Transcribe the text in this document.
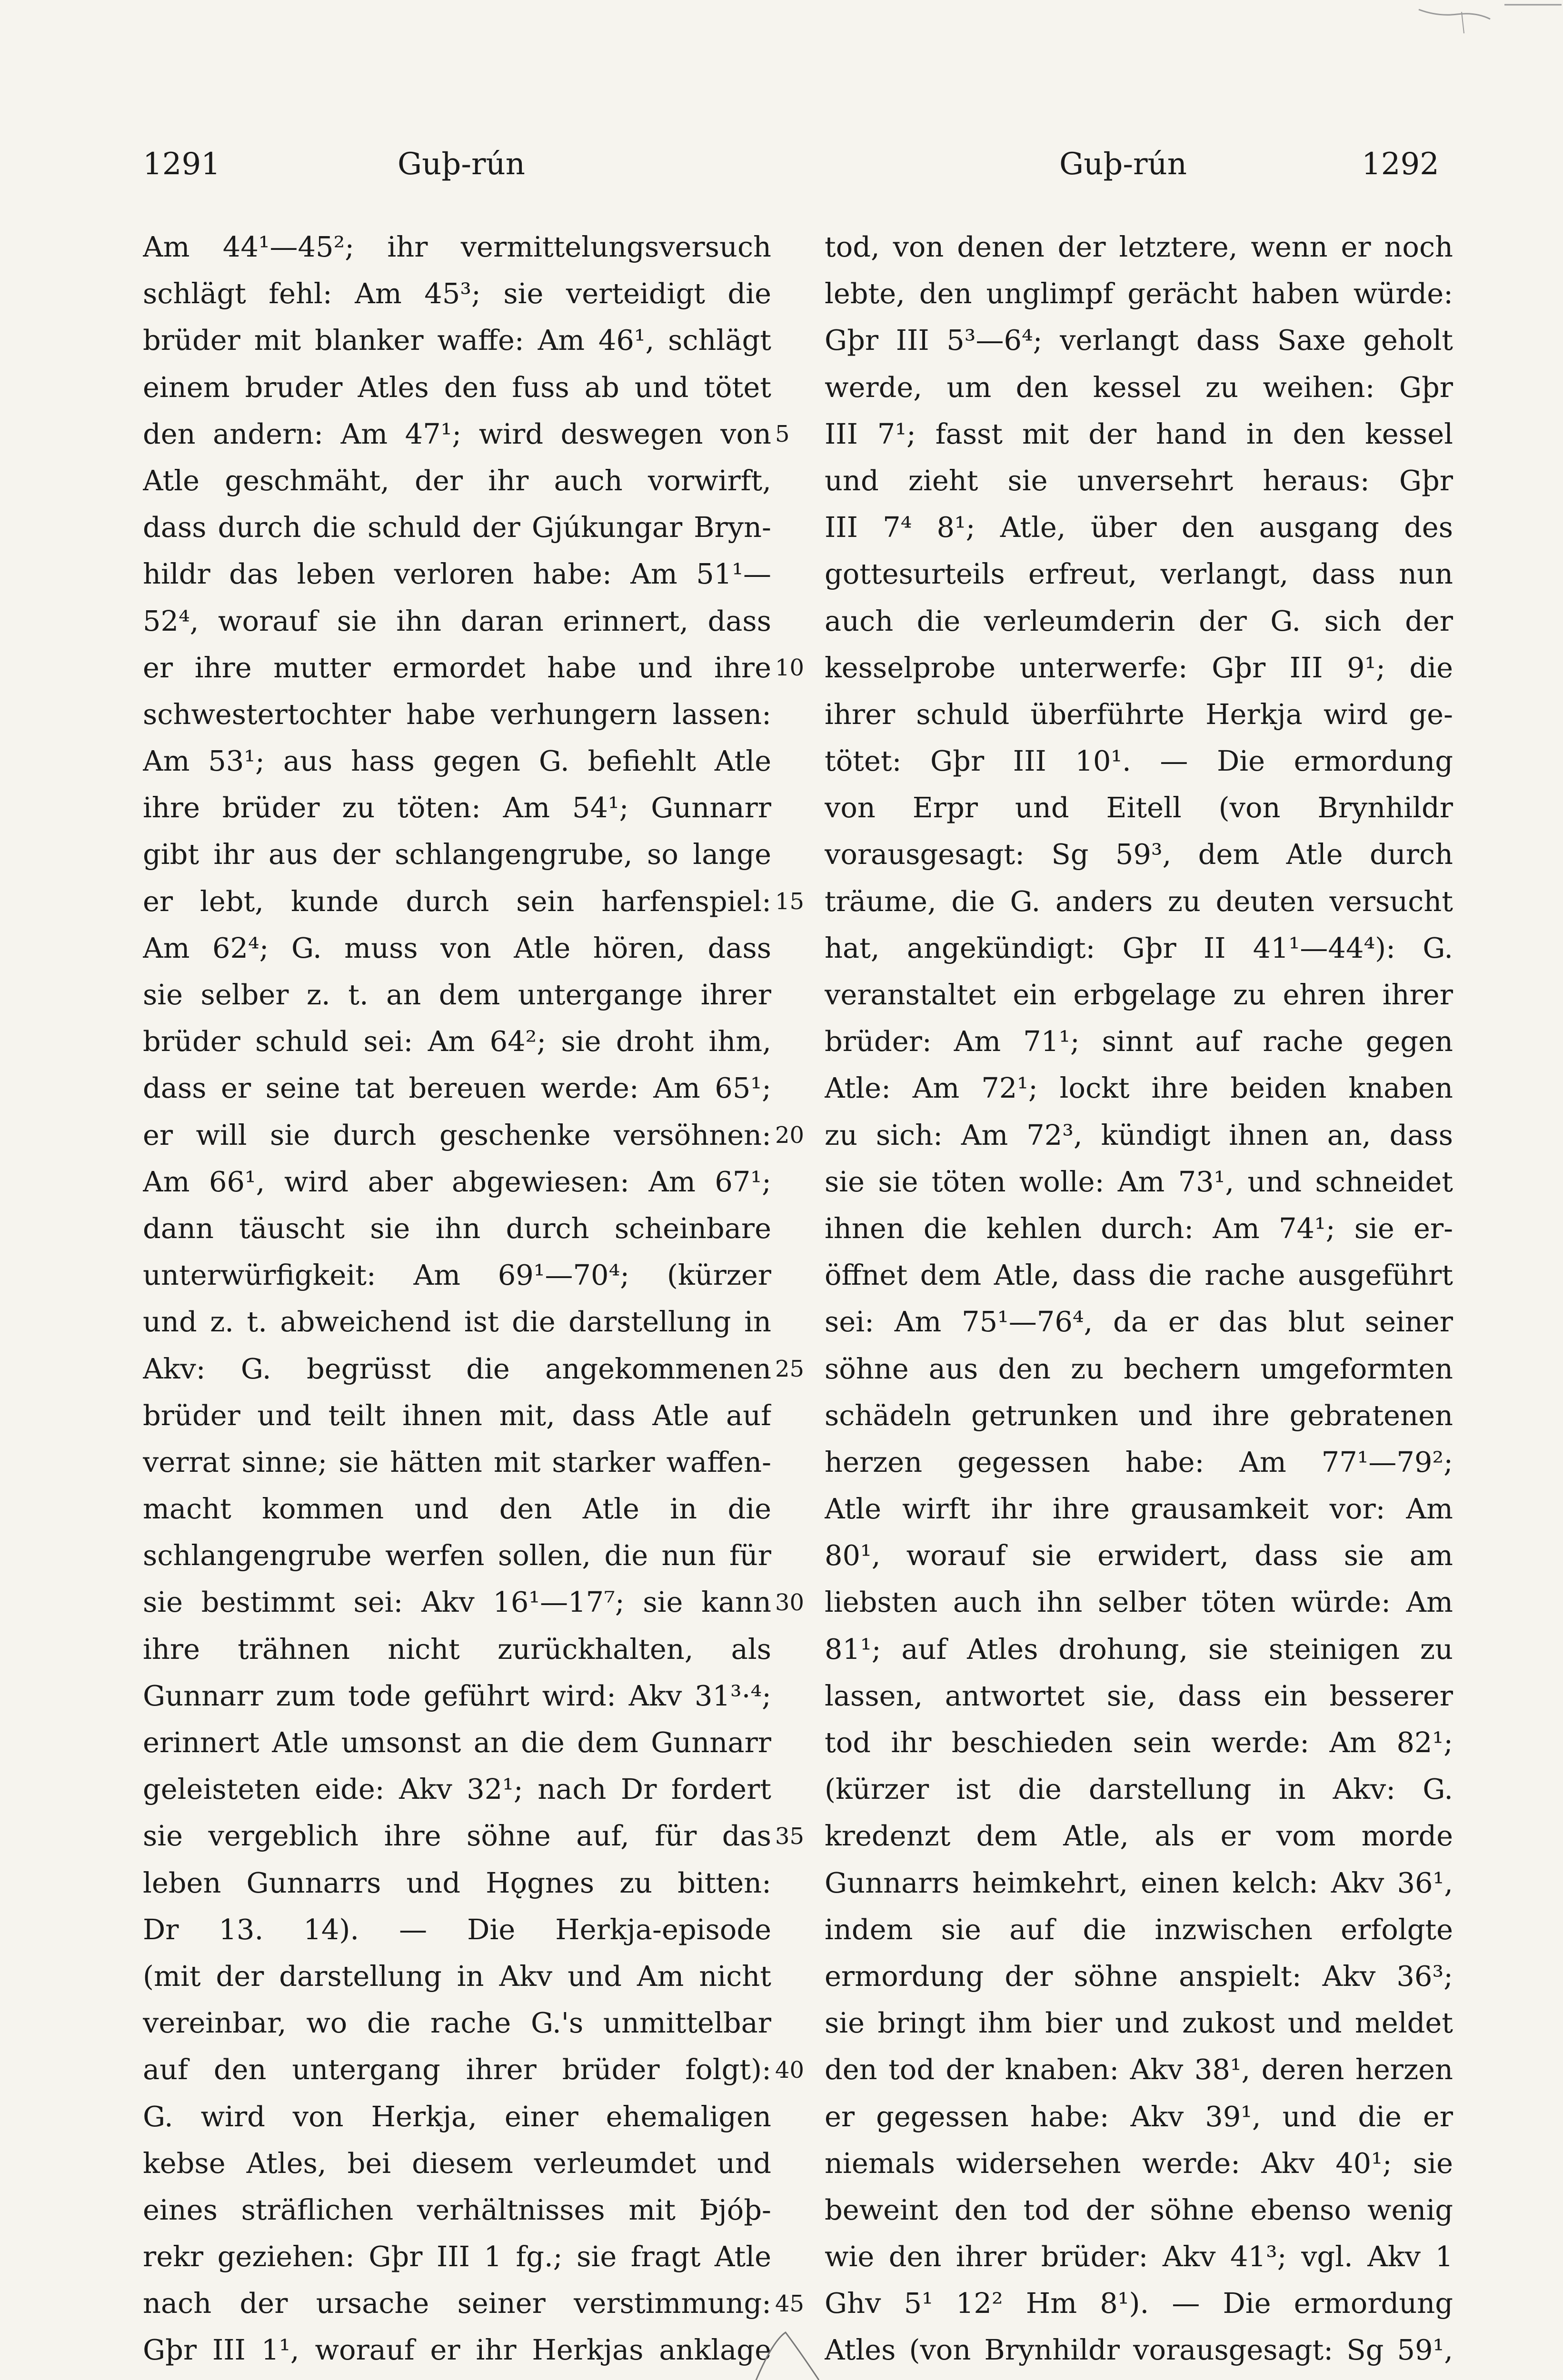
1291	Guþ-rún	Guþ-rún	1292
Am 44¹—45²; ihr vermittelungsversuch
schlägt fehl: Am 45³; sie verteidigt die
brüder mit blanker waffe: Am 46¹, schlägt
einem bruder Atles den fuss ab und tötet
den andern: Am 47¹; wird deswegen von
Atle geschmäht, der ihr auch vorwirft,
dass durch die schuld der Gjúkungar Bryn-
hildr das leben verloren habe: Am 51¹—
52⁴, worauf sie ihn daran erinnert, dass
er ihre mutter ermordet habe und ihre
schwestertochter habe verhungern lassen:
Am 53¹; aus hass gegen G. befiehlt Atle
ihre brüder zu töten: Am 54¹; Gunnarr
gibt ihr aus der schlangengrube, so lange
er lebt, kunde durch sein harfenspiel:
Am 62⁴; G. muss von Atle hören, dass
sie selber z. t. an dem untergange ihrer
brüder schuld sei: Am 64²; sie droht ihm,
dass er seine tat bereuen werde: Am 65¹;
er will sie durch geschenke versöhnen:
Am 66¹, wird aber abgewiesen: Am 67¹;
dann täuscht sie ihn durch scheinbare
unterwürfigkeit: Am 69¹—70⁴; (kürzer
und z. t. abweichend ist die darstellung in
Akv: G. begrüsst die angekommenen
brüder und teilt ihnen mit, dass Atle auf
verrat sinne; sie hätten mit starker waffen-
macht kommen und den Atle in die
schlangengrube werfen sollen, die nun für
sie bestimmt sei: Akv 16¹—17⁷; sie kann
ihre trähnen nicht zurückhalten, als
Gunnarr zum tode geführt wird: Akv 31³·⁴;
erinnert Atle umsonst an die dem Gunnarr
geleisteten eide: Akv 32¹; nach Dr fordert
sie vergeblich ihre söhne auf, für das
leben Gunnarrs und Hǫgnes zu bitten:
Dr 13. 14). — Die Herkja-episode
(mit der darstellung in Akv und Am nicht
vereinbar, wo die rache G.'s unmittelbar
auf den untergang ihrer brüder folgt):
G. wird von Herkja, einer ehemaligen
kebse Atles, bei diesem verleumdet und
eines sträflichen verhältnisses mit Þjóþ-
rekr geziehen: Gþr III 1 fg.; sie fragt Atle
nach der ursache seiner verstimmung:
Gþr III 1¹, worauf er ihr Herkjas anklage
tod, von denen der letztere, wenn er noch
lebte, den unglimpf gerächt haben würde:
Gþr III 5³—6⁴; verlangt dass Saxe geholt
werde, um den kessel zu weihen: Gþr
III 7¹; fasst mit der hand in den kessel
und zieht sie unversehrt heraus: Gþr
III 7⁴ 8¹; Atle, über den ausgang des
gottesurteils erfreut, verlangt, dass nun
auch die verleumderin der G. sich der
kesselprobe unterwerfe: Gþr III 9¹; die
ihrer schuld überführte Herkja wird ge-
tötet: Gþr III 10¹. — Die ermordung
von Erpr und Eitell (von Brynhildr
vorausgesagt: Sg 59³, dem Atle durch
träume, die G. anders zu deuten versucht
hat, angekündigt: Gþr II 41¹—44⁴): G.
veranstaltet ein erbgelage zu ehren ihrer
brüder: Am 71¹; sinnt auf rache gegen
Atle: Am 72¹; lockt ihre beiden knaben
zu sich: Am 72³, kündigt ihnen an, dass
sie sie töten wolle: Am 73¹, und schneidet
ihnen die kehlen durch: Am 74¹; sie er-
öffnet dem Atle, dass die rache ausgeführt
sei: Am 75¹—76⁴, da er das blut seiner
söhne aus den zu bechern umgeformten
schädeln getrunken und ihre gebratenen
herzen gegessen habe: Am 77¹—79²;
Atle wirft ihr ihre grausamkeit vor: Am
80¹, worauf sie erwidert, dass sie am
liebsten auch ihn selber töten würde: Am
81¹; auf Atles drohung, sie steinigen zu
lassen, antwortet sie, dass ein besserer
tod ihr beschieden sein werde: Am 82¹;
(kürzer ist die darstellung in Akv: G.
kredenzt dem Atle, als er vom morde
Gunnarrs heimkehrt, einen kelch: Akv 36¹,
indem sie auf die inzwischen erfolgte
ermordung der söhne anspielt: Akv 36³;
sie bringt ihm bier und zukost und meldet
den tod der knaben: Akv 38¹, deren herzen
er gegessen habe: Akv 39¹, und die er
niemals widersehen werde: Akv 40¹; sie
beweint den tod der söhne ebenso wenig
wie den ihrer brüder: Akv 41³; vgl. Akv 1
Ghv 5¹ 12² Hm 8¹). — Die ermordung
Atles (von Brynhildr vorausgesagt: Sg 59¹,
5
10
15
20
25
30
35
40
45
